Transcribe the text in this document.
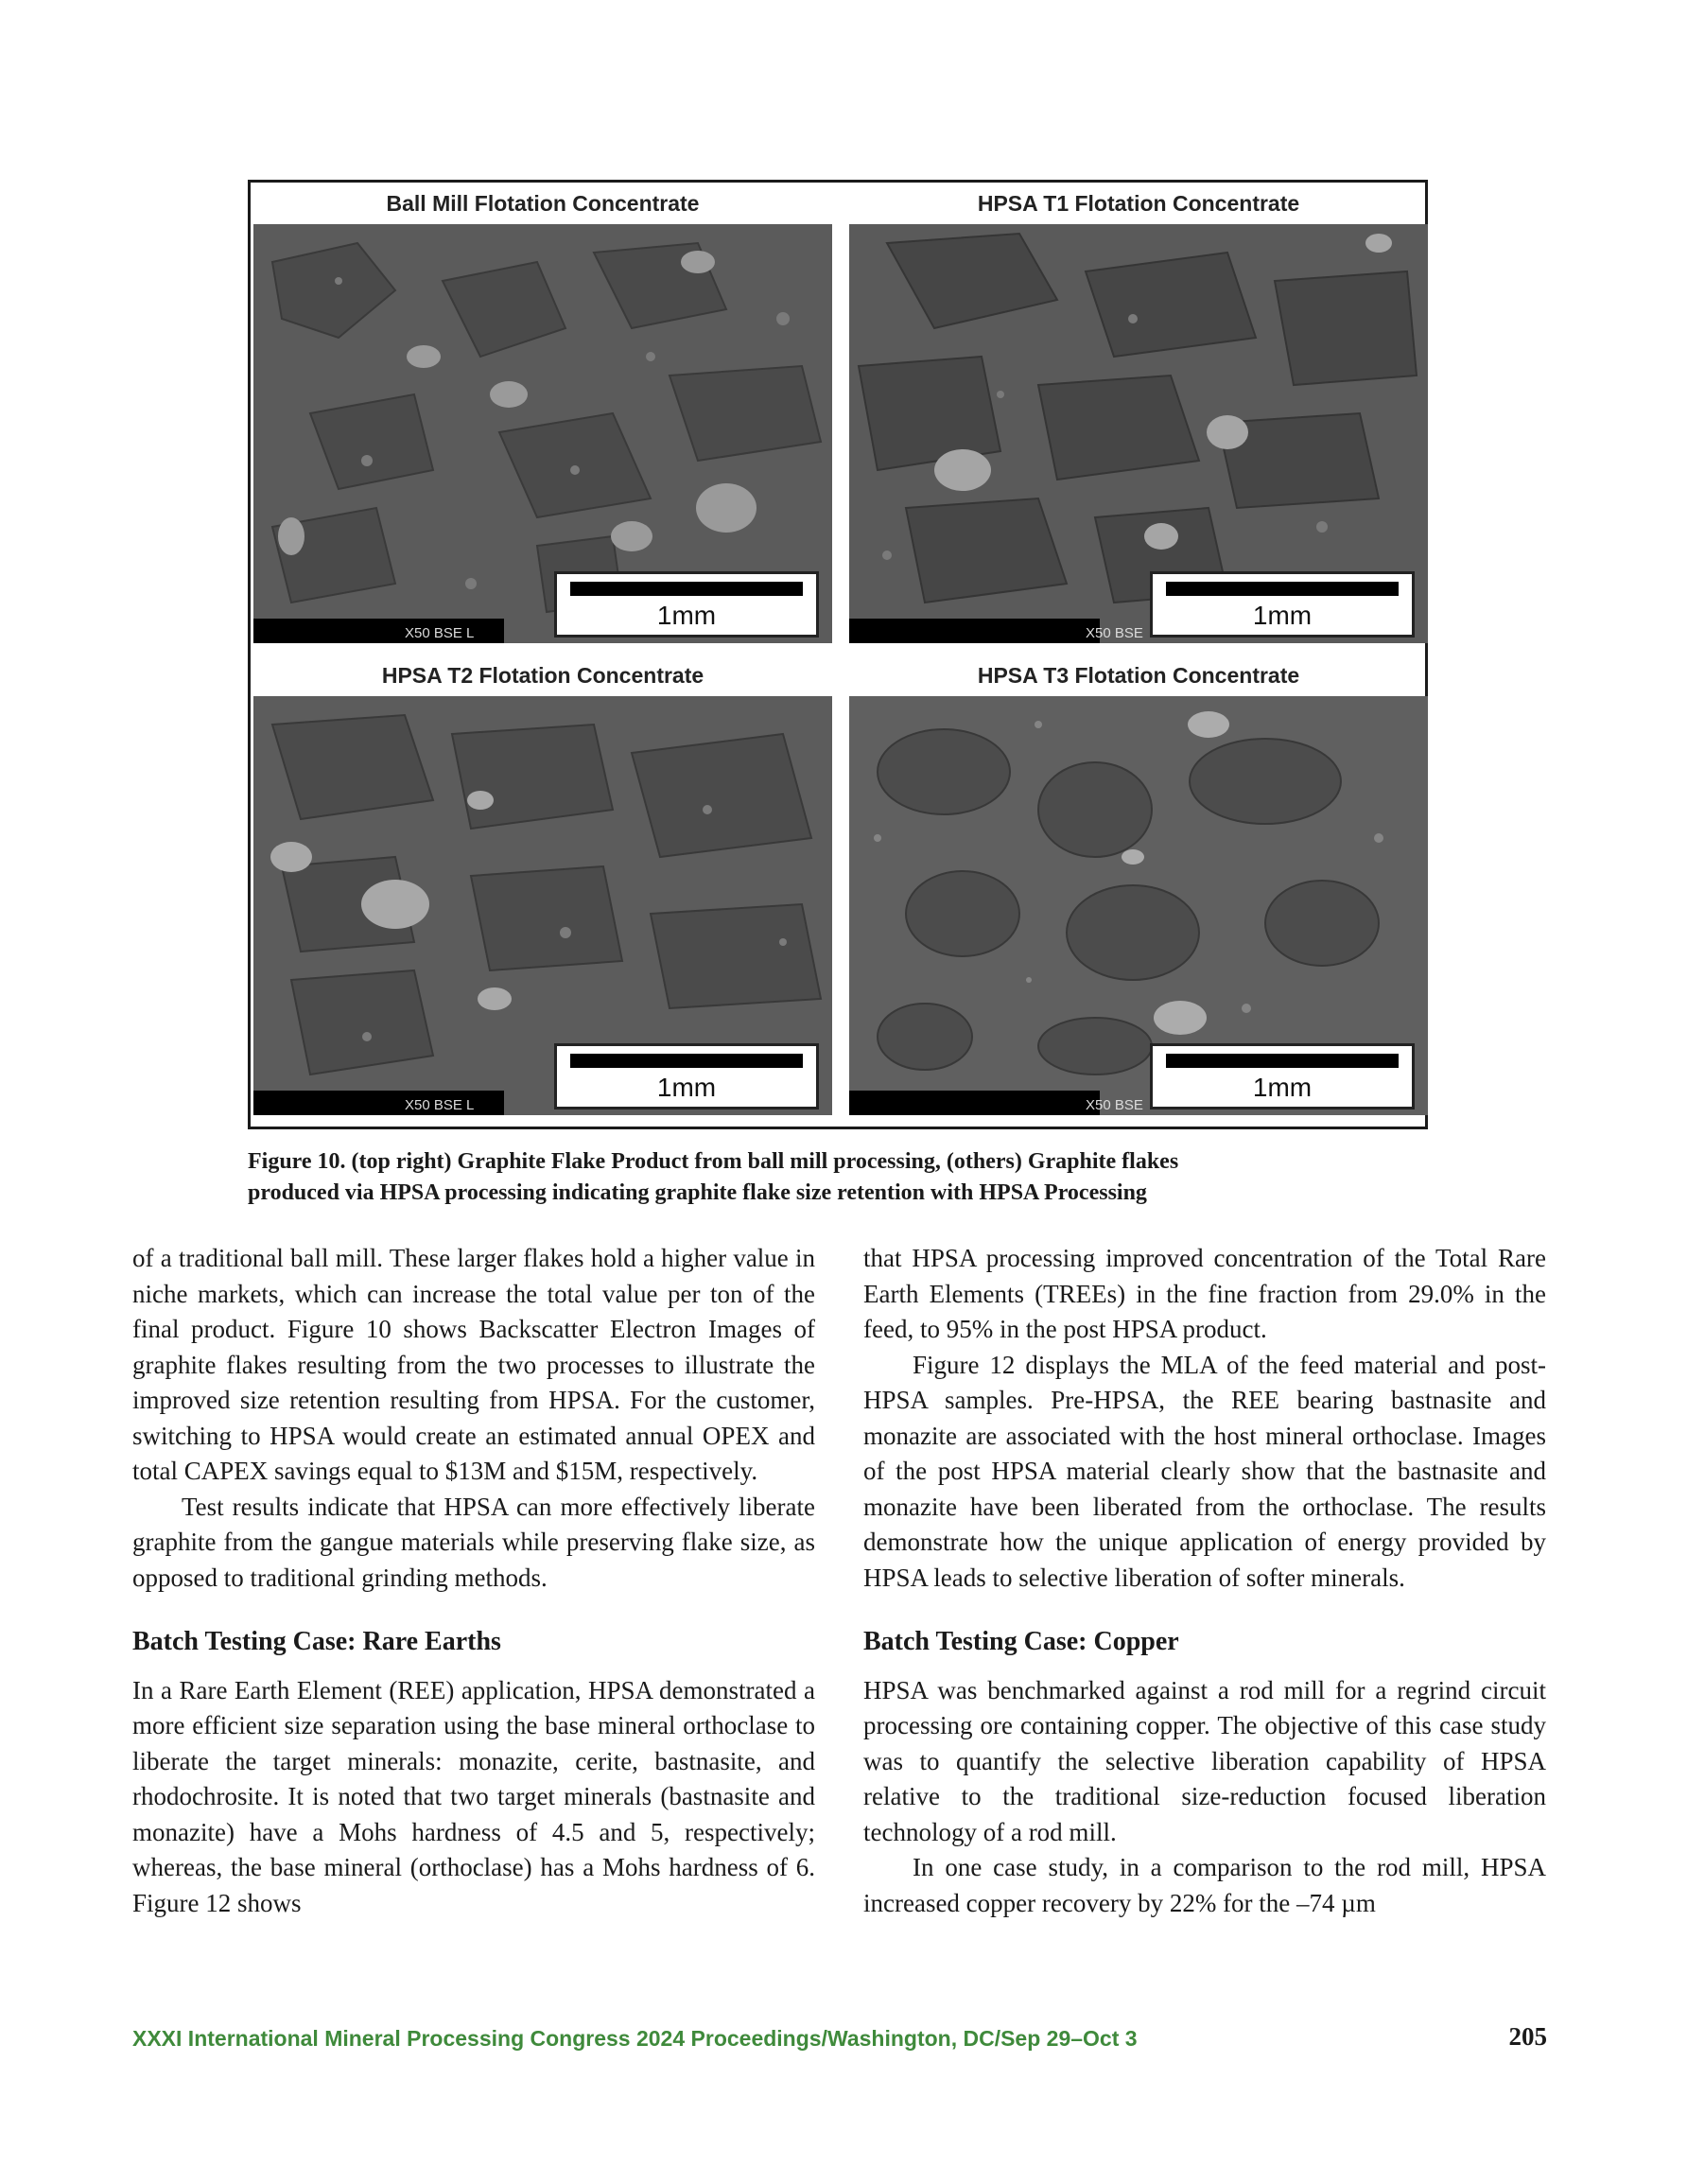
Ball Mill Flotation Concentrate
X50 BSE L
1mm
HPSA T1 Flotation Concentrate
X50 BSE
1mm
HPSA T2 Flotation Concentrate
X50 BSE L
1mm
HPSA T3 Flotation Concentrate
X50 BSE
1mm
Figure 10. (top right) Graphite Flake Product from ball mill processing, (others) Graphite flakes
produced via HPSA processing indicating graphite flake size retention with HPSA Processing

of a traditional ball mill. These larger flakes hold a higher value in niche markets, which can increase the total value per ton of the final product. Figure 10 shows Backscatter Electron Images of graphite flakes resulting from the two processes to illustrate the improved size retention resulting from HPSA. For the customer, switching to HPSA would create an estimated annual OPEX and total CAPEX savings equal to $13M and $15M, respectively.

Test results indicate that HPSA can more effectively liberate graphite from the gangue materials while preserving flake size, as opposed to traditional grinding methods.

Batch Testing Case: Rare Earths

In a Rare Earth Element (REE) application, HPSA demonstrated a more efficient size separation using the base mineral orthoclase to liberate the target minerals: monazite, cerite, bastnasite, and rhodochrosite. It is noted that two target minerals (bastnasite and monazite) have a Mohs hardness of 4.5 and 5, respectively; whereas, the base mineral (orthoclase) has a Mohs hardness of 6. Figure 12 shows

that HPSA processing improved concentration of the Total Rare Earth Elements (TREEs) in the fine fraction from 29.0% in the feed, to 95% in the post HPSA product.

Figure 12 displays the MLA of the feed material and post-HPSA samples. Pre-HPSA, the REE bearing bastnasite and monazite are associated with the host mineral orthoclase. Images of the post HPSA material clearly show that the bastnasite and monazite have been liberated from the orthoclase. The results demonstrate how the unique application of energy provided by HPSA leads to selective liberation of softer minerals.

Batch Testing Case: Copper

HPSA was benchmarked against a rod mill for a regrind circuit processing ore containing copper. The objective of this case study was to quantify the selective liberation capability of HPSA relative to the traditional size-reduction focused liberation technology of a rod mill.

In one case study, in a comparison to the rod mill, HPSA increased copper recovery by 22% for the –74 µm

XXXI International Mineral Processing Congress 2024 Proceedings/Washington, DC/Sep 29–Oct 3	205
